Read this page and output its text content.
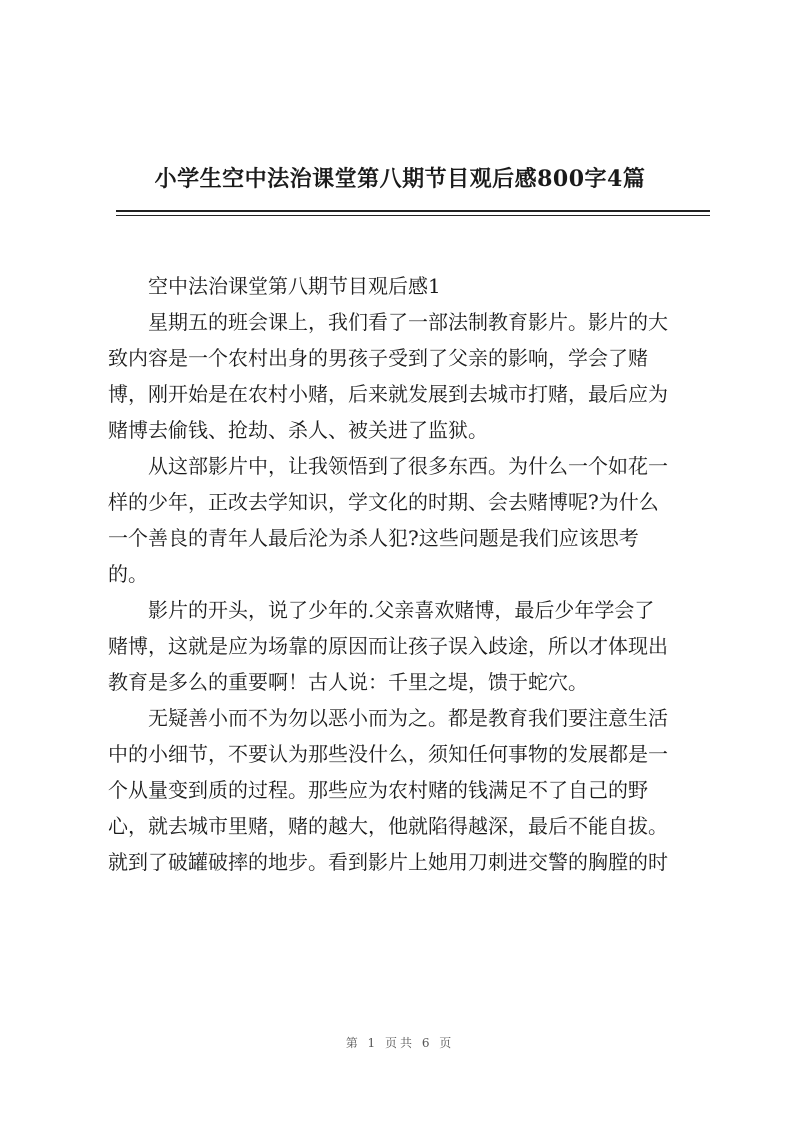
小学生空中法治课堂第八期节目观后感800字4篇
空中法治课堂第八期节目观后感1
星期五的班会课上，我们看了一部法制教育影片。影片的大
致内容是一个农村出身的男孩子受到了父亲的影响，学会了赌
博，刚开始是在农村小赌，后来就发展到去城市打赌，最后应为
赌博去偷钱、抢劫、杀人、被关进了监狱。
从这部影片中，让我领悟到了很多东西。为什么一个如花一
样的少年，正改去学知识，学文化的时期、会去赌博呢?为什么
一个善良的青年人最后沦为杀人犯?这些问题是我们应该思考
的。
影片的开头，说了少年的.父亲喜欢赌博，最后少年学会了
赌博，这就是应为场靠的原因而让孩子误入歧途，所以才体现出
教育是多么的重要啊！古人说：千里之堤，馈于蛇穴。
无疑善小而不为勿以恶小而为之。都是教育我们要注意生活
中的小细节，不要认为那些没什么，须知任何事物的发展都是一
个从量变到质的过程。那些应为农村赌的钱满足不了自己的野
心，就去城市里赌，赌的越大，他就陷得越深，最后不能自拔。
就到了破罐破摔的地步。看到影片上她用刀刺进交警的胸膛的时
第 1 页共 6 页
